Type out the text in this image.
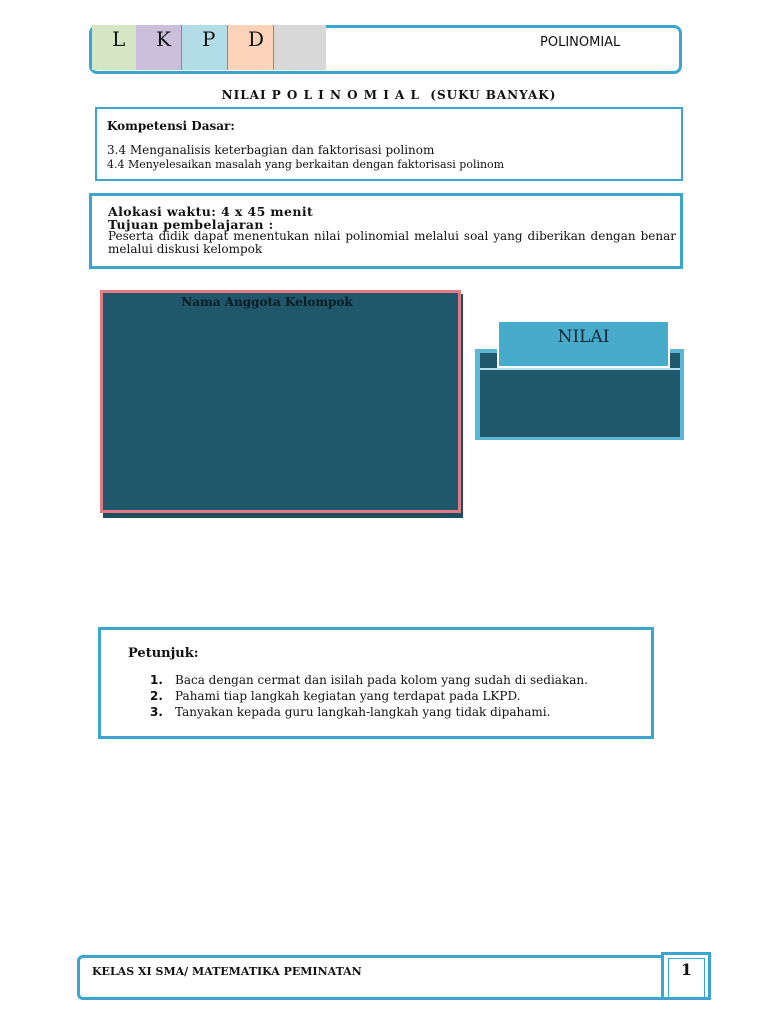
L	K	P	D	POLINOMIAL
NILAI P O L I N O M I A L  (SUKU BANYAK)
Kompetensi Dasar:
3.4 Menganalisis keterbagian dan faktorisasi polinom
4.4 Menyelesaikan masalah yang berkaitan dengan faktorisasi polinom
Alokasi waktu: 4 x 45 menit
Tujuan pembelajaran :
Peserta didik dapat menentukan nilai polinomial melalui soal yang diberikan dengan benar melalui diskusi kelompok
Nama Anggota Kelompok
NILAI
Petunjuk:
1. Baca dengan cermat dan isilah pada kolom yang sudah di sediakan.
2. Pahami tiap langkah kegiatan yang terdapat pada LKPD.
3. Tanyakan kepada guru langkah-langkah yang tidak dipahami.
KELAS XI SMA/ MATEMATIKA PEMINATAN	1
